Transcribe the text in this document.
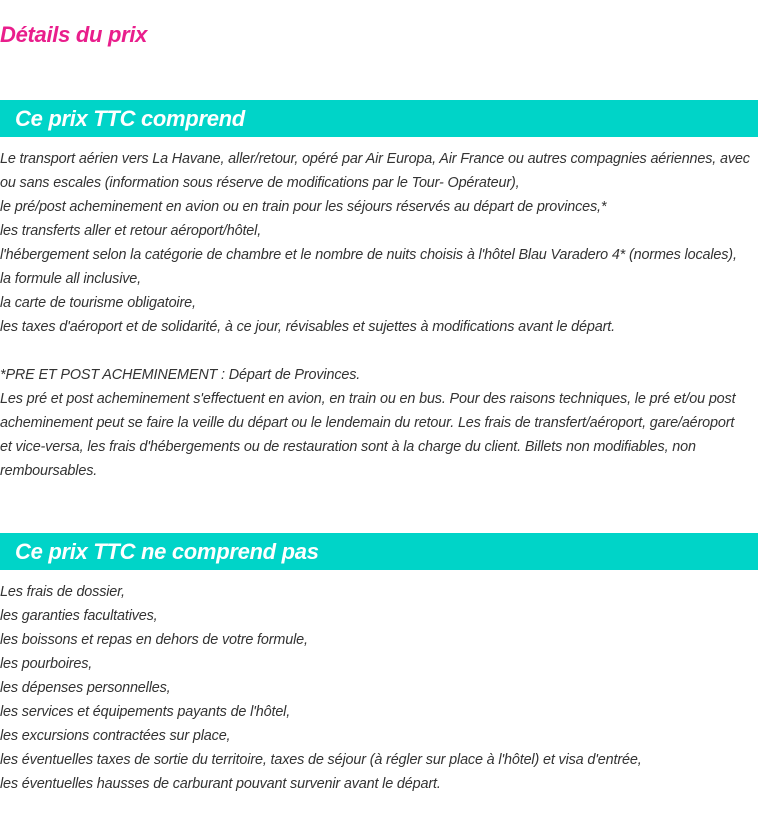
Détails du prix
Ce prix TTC comprend
Le transport aérien vers La Havane, aller/retour, opéré par Air Europa, Air France ou autres compagnies aériennes, avec
ou sans escales (information sous réserve de modifications par le Tour- Opérateur),
le pré/post acheminement en avion ou en train pour les séjours réservés au départ de provinces,*
les transferts aller et retour aéroport/hôtel,
l'hébergement selon la catégorie de chambre et le nombre de nuits choisis à l'hôtel Blau Varadero 4* (normes locales),
la formule all inclusive,
la carte de tourisme obligatoire,
les taxes d'aéroport et de solidarité, à ce jour, révisables et sujettes à modifications avant le départ.
*PRE ET POST ACHEMINEMENT : Départ de Provinces.
Les pré et post acheminement s'effectuent en avion, en train ou en bus. Pour des raisons techniques, le pré et/ou post
acheminement peut se faire la veille du départ ou le lendemain du retour. Les frais de transfert/aéroport, gare/aéroport
et vice-versa, les frais d'hébergements ou de restauration sont à la charge du client. Billets non modifiables, non
remboursables.
Ce prix TTC ne comprend pas
Les frais de dossier,
les garanties facultatives,
les boissons et repas en dehors de votre formule,
les pourboires,
les dépenses personnelles,
les services et équipements payants de l'hôtel,
les excursions contractées sur place,
les éventuelles taxes de sortie du territoire, taxes de séjour (à régler sur place à l'hôtel) et visa d'entrée,
les éventuelles hausses de carburant pouvant survenir avant le départ.
